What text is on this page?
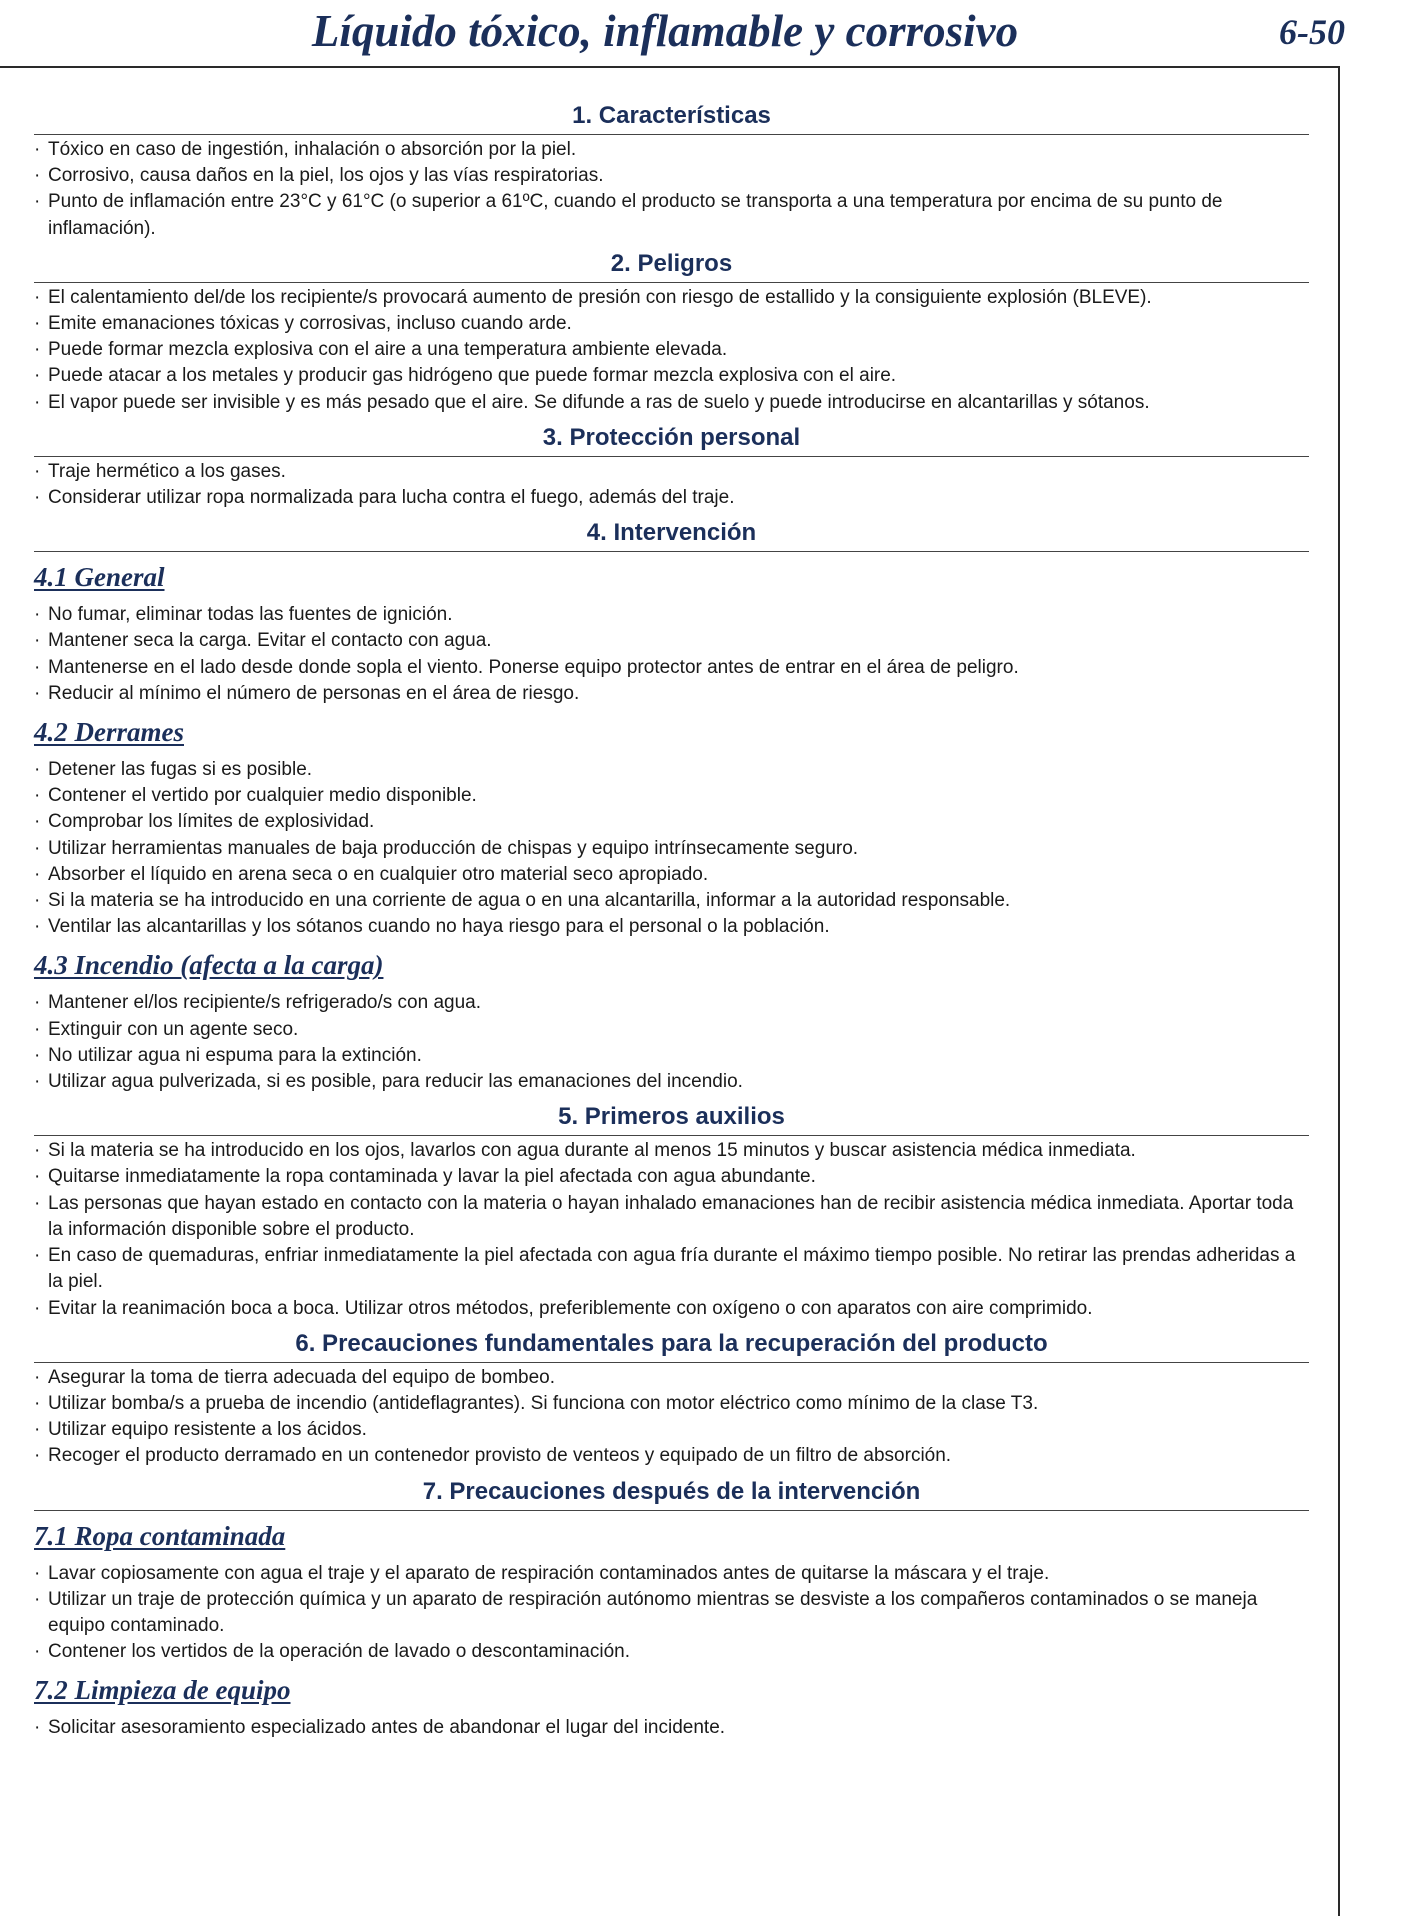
Líquido tóxico, inflamable y corrosivo	6-50
1. Características
· Tóxico en caso de ingestión, inhalación o absorción por la piel.
· Corrosivo, causa daños en la piel, los ojos y las vías respiratorias.
· Punto de inflamación entre 23°C y 61°C (o superior a 61ºC, cuando el producto se transporta a una temperatura por encima de su punto de inflamación).
2. Peligros
· El calentamiento del/de los recipiente/s provocará aumento de presión con riesgo de estallido y la consiguiente explosión (BLEVE).
· Emite emanaciones tóxicas y corrosivas, incluso cuando arde.
· Puede formar mezcla explosiva con el aire a una temperatura ambiente elevada.
· Puede atacar a los metales y producir gas hidrógeno que puede formar mezcla explosiva con el aire.
· El vapor puede ser invisible y es más pesado que el aire. Se difunde a ras de suelo y puede introducirse en alcantarillas y sótanos.
3. Protección personal
· Traje hermético a los gases.
· Considerar utilizar ropa normalizada para lucha contra el fuego, además del traje.
4. Intervención
4.1 General
· No fumar, eliminar todas las fuentes de ignición.
· Mantener seca la carga. Evitar el contacto con agua.
· Mantenerse en el lado desde donde sopla el viento. Ponerse equipo protector antes de entrar en el área de peligro.
· Reducir al mínimo el número de personas en el área de riesgo.
4.2 Derrames
· Detener las fugas si es posible.
· Contener el vertido por cualquier medio disponible.
· Comprobar los límites de explosividad.
· Utilizar herramientas manuales de baja producción de chispas y equipo intrínsecamente seguro.
· Absorber el líquido en arena seca o en cualquier otro material seco apropiado.
· Si la materia se ha introducido en una corriente de agua o en una alcantarilla, informar a la autoridad responsable.
· Ventilar las alcantarillas y los sótanos cuando no haya riesgo para el personal o la población.
4.3 Incendio (afecta a la carga)
· Mantener el/los recipiente/s refrigerado/s con agua.
· Extinguir con un agente seco.
· No utilizar agua ni espuma para la extinción.
· Utilizar agua pulverizada, si es posible, para reducir las emanaciones del incendio.
5. Primeros auxilios
· Si la materia se ha introducido en los ojos, lavarlos con agua durante al menos 15 minutos y buscar asistencia médica inmediata.
· Quitarse inmediatamente la ropa contaminada y lavar la piel afectada con agua abundante.
· Las personas que hayan estado en contacto con la materia o hayan inhalado emanaciones han de recibir asistencia médica inmediata. Aportar toda la información disponible sobre el producto.
· En caso de quemaduras, enfriar inmediatamente la piel afectada con agua fría durante el máximo tiempo posible. No retirar las prendas adheridas a la piel.
· Evitar la reanimación boca a boca. Utilizar otros métodos, preferiblemente con oxígeno o con aparatos con aire comprimido.
6. Precauciones fundamentales para la recuperación del producto
· Asegurar la toma de tierra adecuada del equipo de bombeo.
· Utilizar bomba/s a prueba de incendio (antideflagrantes). Si funciona con motor eléctrico como mínimo de la clase T3.
· Utilizar equipo resistente a los ácidos.
· Recoger el producto derramado en un contenedor provisto de venteos y equipado de un filtro de absorción.
7. Precauciones después de la intervención
7.1 Ropa contaminada
· Lavar copiosamente con agua el traje y el aparato de respiración contaminados antes de quitarse la máscara y el traje.
· Utilizar un traje de protección química y un aparato de respiración autónomo mientras se desviste a los compañeros contaminados o se maneja equipo contaminado.
· Contener los vertidos de la operación de lavado o descontaminación.
7.2 Limpieza de equipo
· Solicitar asesoramiento especializado antes de abandonar el lugar del incidente.
